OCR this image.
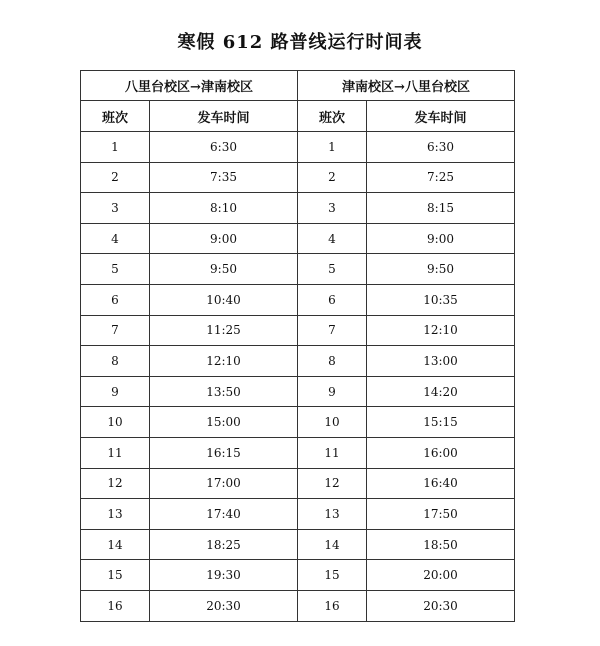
寒假 612 路普线运行时间表
八里台校区→津南校区		津南校区→八里台校区	
班次	发车时间	班次	发车时间
1	6:30	1	6:30
2	7:35	2	7:25
3	8:10	3	8:15
4	9:00	4	9:00
5	9:50	5	9:50
6	10:40	6	10:35
7	11:25	7	12:10
8	12:10	8	13:00
9	13:50	9	14:20
10	15:00	10	15:15
11	16:15	11	16:00
12	17:00	12	16:40
13	17:40	13	17:50
14	18:25	14	18:50
15	19:30	15	20:00
16	20:30	16	20:30
